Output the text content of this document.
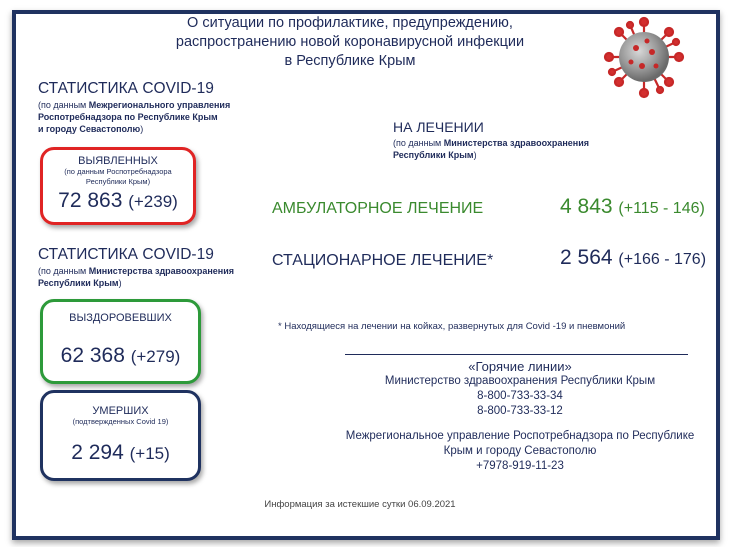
О ситуации по профилактике, предупреждению,
распространению новой коронавирусной инфекции
в Республике Крым
СТАТИСТИКА COVID-19
(по данным Межрегионального управления
Роспотребнадзора по Республике Крым
и городу Севастополю)
ВЫЯВЛЕННЫХ
(по данным Роспотребнадзора
Республики Крым)
72 863 (+239)
СТАТИСТИКА COVID-19
(по данным Министерства здравоохранения
Республики Крым)
ВЫЗДОРОВЕВШИХ
62 368 (+279)
УМЕРШИХ
(подтвержденных Covid 19)
2 294 (+15)
НА ЛЕЧЕНИИ
(по данным Министерства здравоохранения
Республики Крым)
АМБУЛАТОРНОЕ ЛЕЧЕНИЕ	4 843 (+115 - 146)
СТАЦИОНАРНОЕ ЛЕЧЕНИЕ*	2 564 (+166 - 176)
* Находящиеся на лечении на койках, развернутых для Covid -19 и пневмоний
«Горячие линии»
Министерство здравоохранения Республики Крым
8-800-733-33-34
8-800-733-33-12
Межрегиональное управление Роспотребнадзора по Республике
Крым и городу Севастополю
+7978-919-11-23
Информация за истекшие сутки 06.09.2021
